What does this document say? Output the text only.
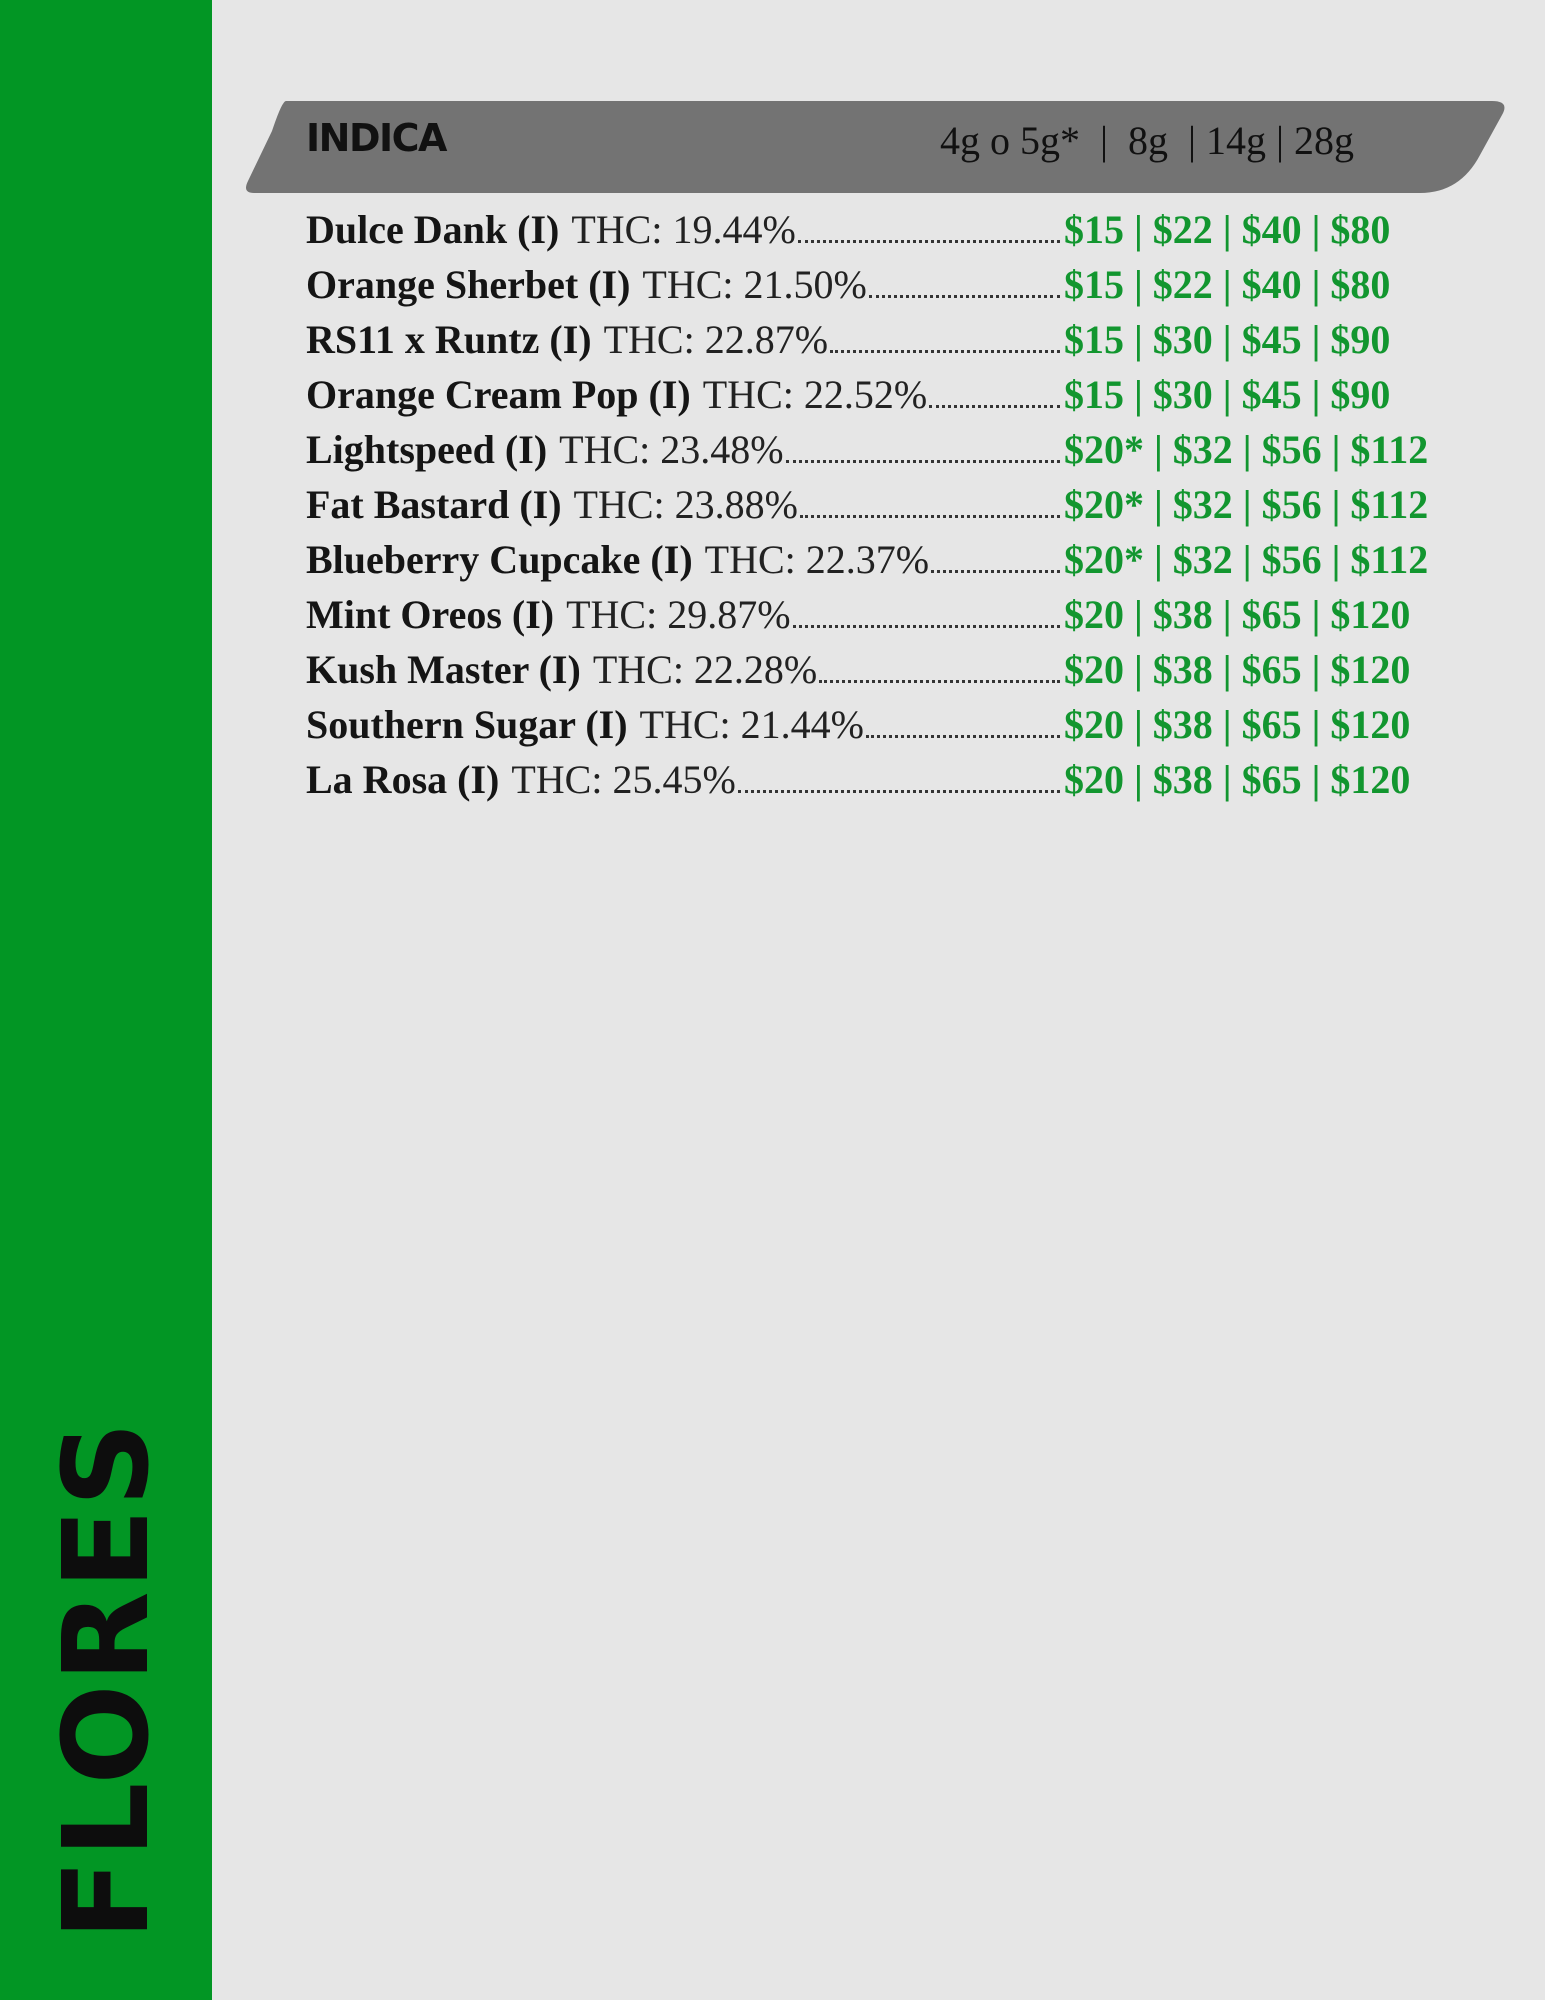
FLORES
INDICA	4g o 5g*  |  8g  | 14g | 28g
Dulce Dank (I) THC: 19.44%	$15 | $22 | $40 | $80
Orange Sherbet (I) THC: 21.50%	$15 | $22 | $40 | $80
RS11 x Runtz (I) THC: 22.87%	$15 | $30 | $45 | $90
Orange Cream Pop (I) THC: 22.52%	$15 | $30 | $45 | $90
Lightspeed (I) THC: 23.48%	$20* | $32 | $56 | $112
Fat Bastard (I) THC: 23.88%	$20* | $32 | $56 | $112
Blueberry Cupcake (I) THC: 22.37%	$20* | $32 | $56 | $112
Mint Oreos (I) THC: 29.87%	$20 | $38 | $65 | $120
Kush Master (I) THC: 22.28%	$20 | $38 | $65 | $120
Southern Sugar (I) THC: 21.44%	$20 | $38 | $65 | $120
La Rosa (I) THC: 25.45%	$20 | $38 | $65 | $120
